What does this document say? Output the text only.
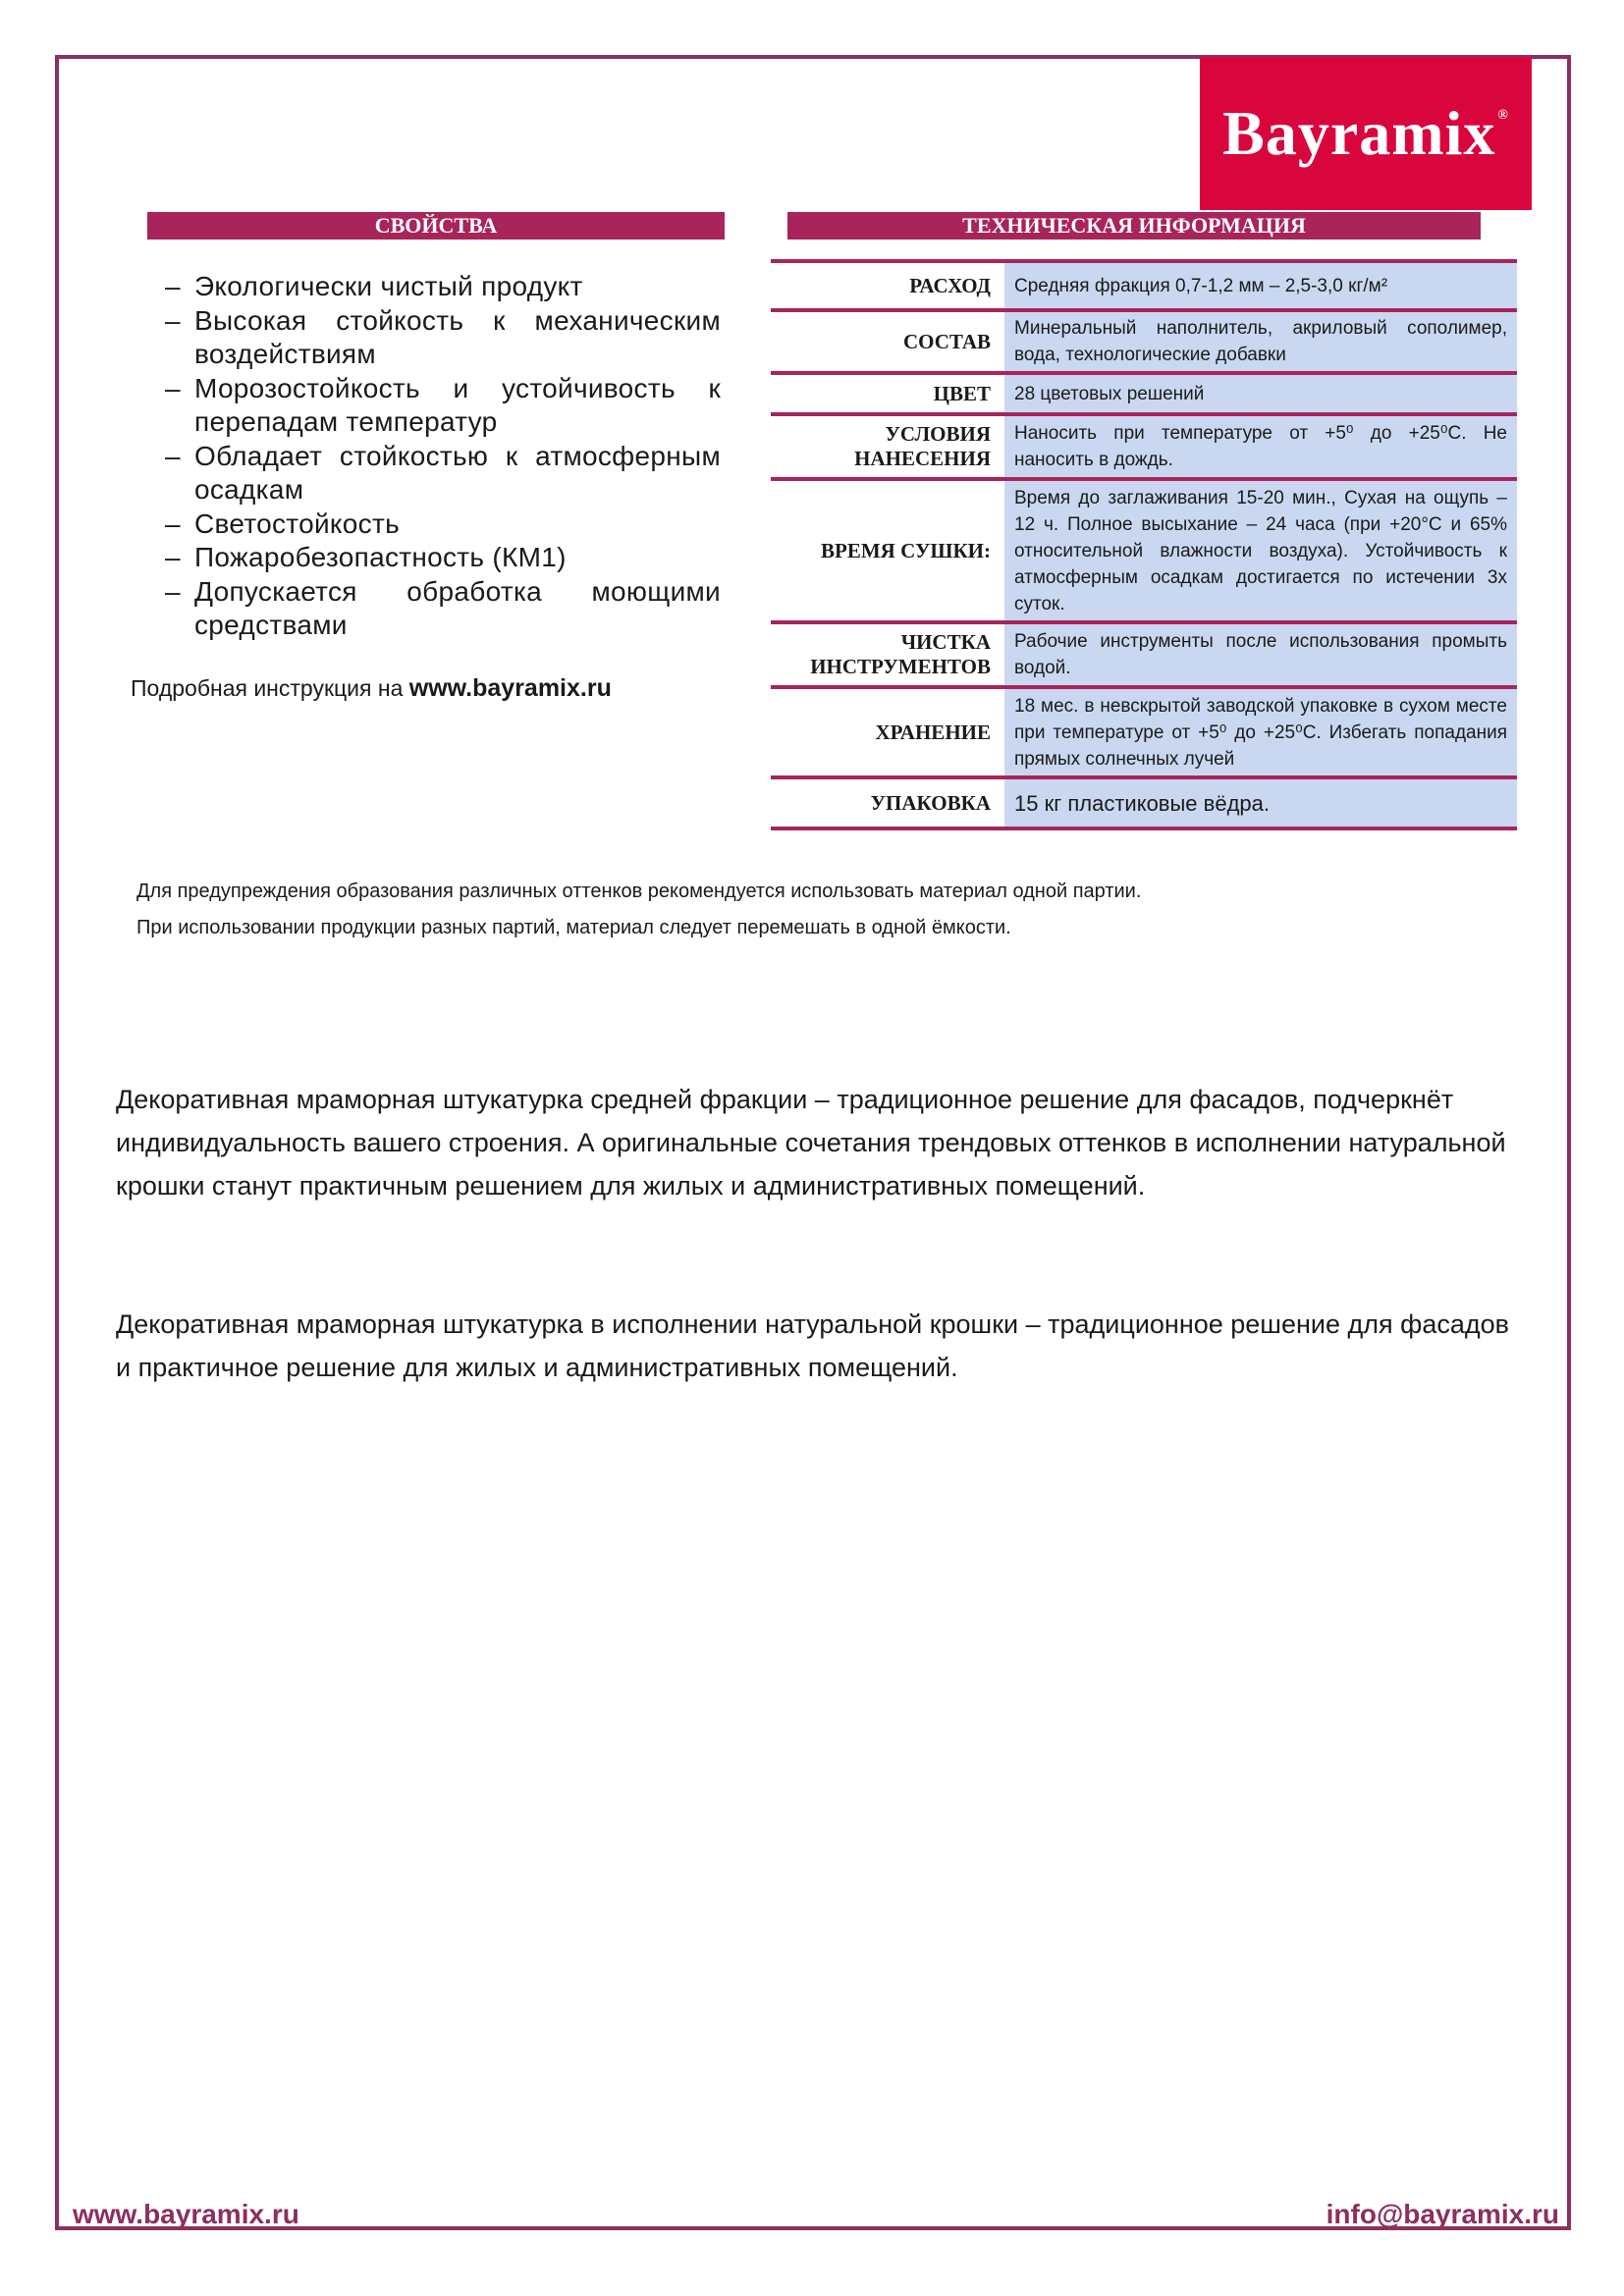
Bayramix®
СВОЙСТВА	ТЕХНИЧЕСКАЯ ИНФОРМАЦИЯ
– Экологически чистый продукт
– Высокая стойкость к механическим воздействиям
– Морозостойкость и устойчивость к перепадам температур
– Обладает стойкостью к атмосферным осадкам
– Светостойкость
– Пожаробезопастность (КМ1)
– Допускается обработка моющими средствами
Подробная инструкция на www.bayramix.ru
РАСХОД	Средняя фракция 0,7-1,2 мм – 2,5-3,0 кг/м²
СОСТАВ	Минеральный наполнитель, акриловый сополимер, вода, технологические добавки
ЦВЕТ	28 цветовых решений
УСЛОВИЯ НАНЕСЕНИЯ	Наносить при температуре от +5⁰ до +25⁰С. Не наносить в дождь.
ВРЕМЯ СУШКИ:	Время до заглаживания 15-20 мин., Сухая на ощупь – 12 ч. Полное высыхание – 24 часа (при +20°С и 65% относительной влажности воздуха). Устойчивость к атмосферным осадкам достигается по истечении 3х суток.
ЧИСТКА ИНСТРУМЕНТОВ	Рабочие инструменты после использования промыть водой.
ХРАНЕНИЕ	18 мес. в невскрытой заводской упаковке в сухом месте при температуре от +5⁰ до +25⁰С. Избегать попадания прямых солнечных лучей
УПАКОВКА	15 кг пластиковые вёдра.
Для предупреждения образования различных оттенков рекомендуется использовать материал одной партии.
При использовании продукции разных партий, материал следует перемешать в одной ёмкости.
Декоративная мраморная штукатурка средней фракции – традиционное решение для фасадов, подчеркнёт индивидуальность вашего строения. А оригинальные сочетания трендовых оттенков в исполнении натуральной крошки станут практичным решением для жилых и административных помещений.
Декоративная мраморная штукатурка в исполнении натуральной крошки – традиционное решение для фасадов и практичное решение для жилых и административных помещений.
www.bayramix.ru	info@bayramix.ru
